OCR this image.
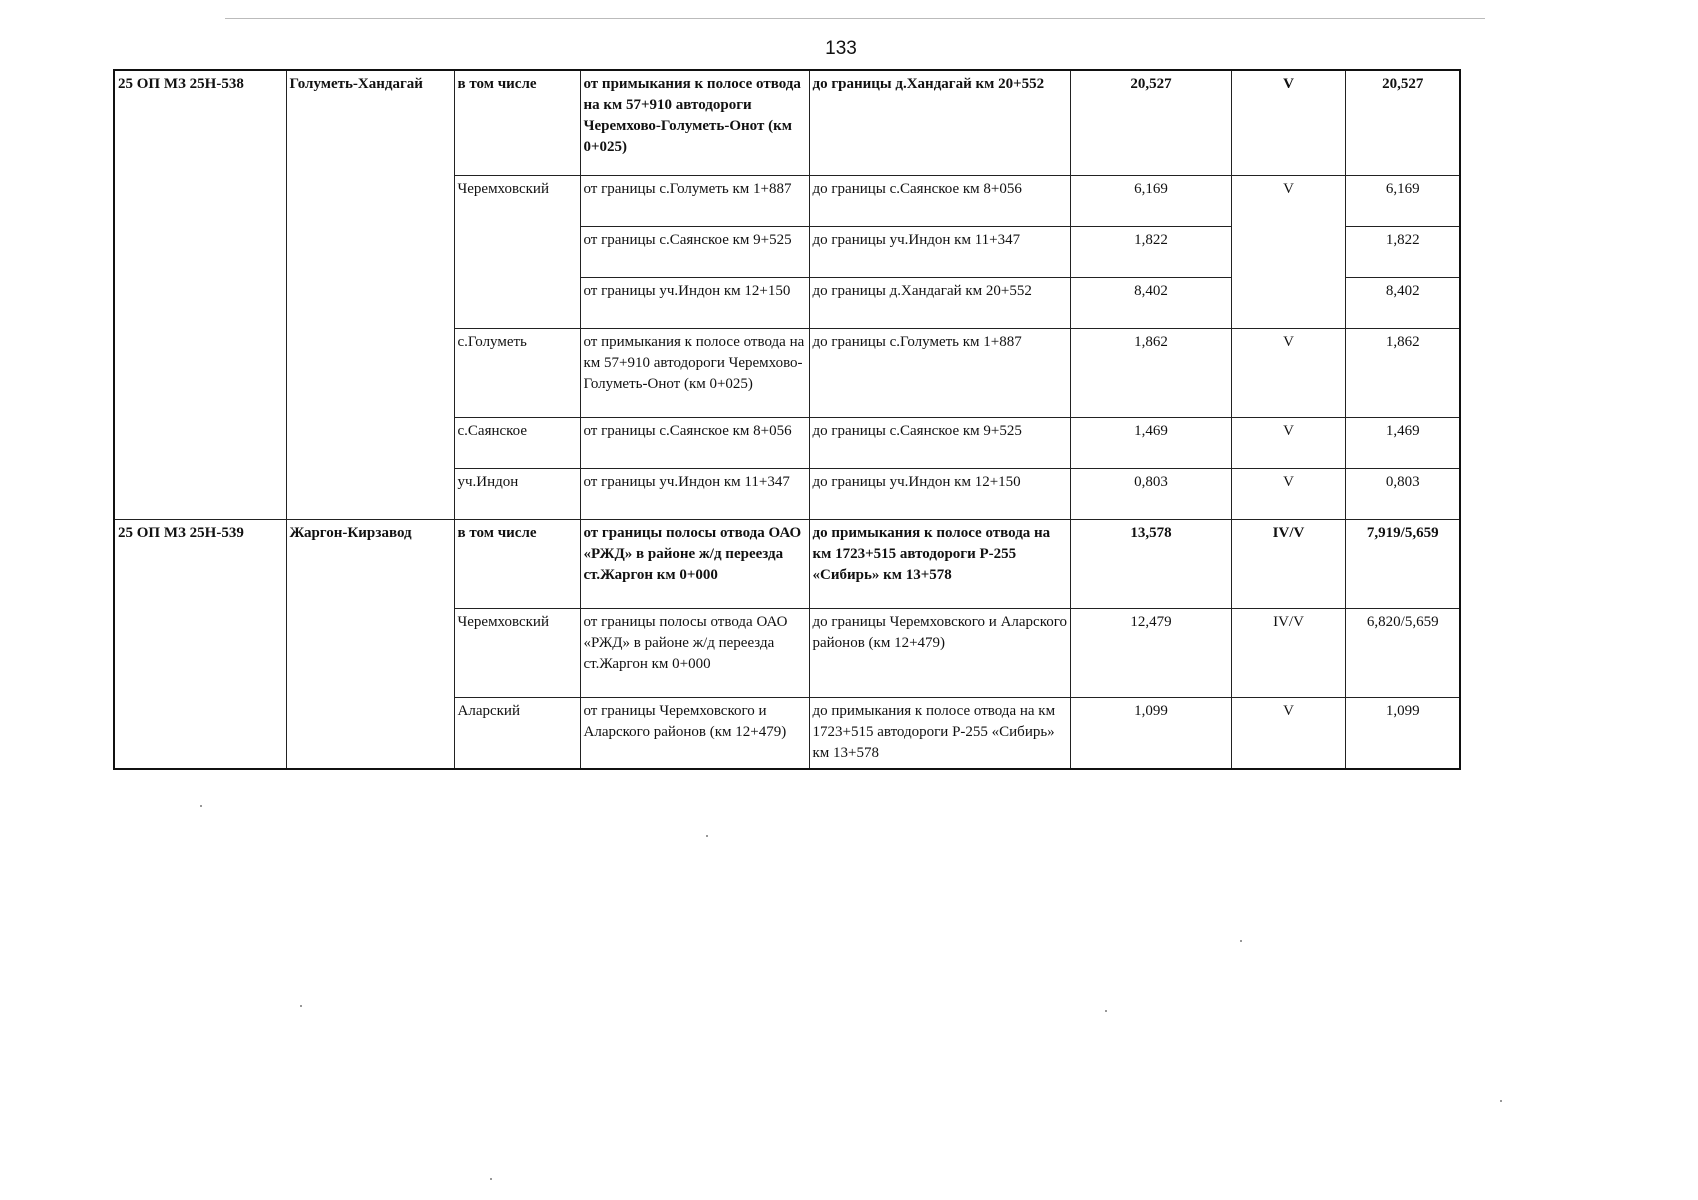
133
25 ОП МЗ 25Н-538	Голуметь-Хандагай	в том числе	от примыкания к полосе отвода на км 57+910 автодороги Черемхово-Голуметь-Онот (км 0+025)	до границы д.Хандагай км 20+552	20,527	V	20,527
		Черемховский	от границы с.Голуметь км 1+887	до границы с.Саянское км 8+056	6,169	V	6,169
			от границы с.Саянское км 9+525	до границы уч.Индон км 11+347	1,822		1,822
			от границы уч.Индон км 12+150	до границы д.Хандагай км 20+552	8,402		8,402
		с.Голуметь	от примыкания к полосе отвода на км 57+910 автодороги Черемхово-Голуметь-Онот (км 0+025)	до границы с.Голуметь км 1+887	1,862	V	1,862
		с.Саянское	от границы с.Саянское км 8+056	до границы с.Саянское км 9+525	1,469	V	1,469
		уч.Индон	от границы уч.Индон км 11+347	до границы уч.Индон км 12+150	0,803	V	0,803
25 ОП МЗ 25Н-539	Жаргон-Кирзавод	в том числе	от границы полосы отвода ОАО «РЖД» в районе ж/д переезда ст.Жаргон км 0+000	до примыкания к полосе отвода на км 1723+515 автодороги Р-255 «Сибирь» км 13+578	13,578	IV/V	7,919/5,659
		Черемховский	от границы полосы отвода ОАО «РЖД» в районе ж/д переезда ст.Жаргон км 0+000	до границы Черемховского и Аларского районов (км 12+479)	12,479	IV/V	6,820/5,659
		Аларский	от границы Черемховского и Аларского районов (км 12+479)	до примыкания к полосе отвода на км 1723+515 автодороги Р-255 «Сибирь» км 13+578	1,099	V	1,099
